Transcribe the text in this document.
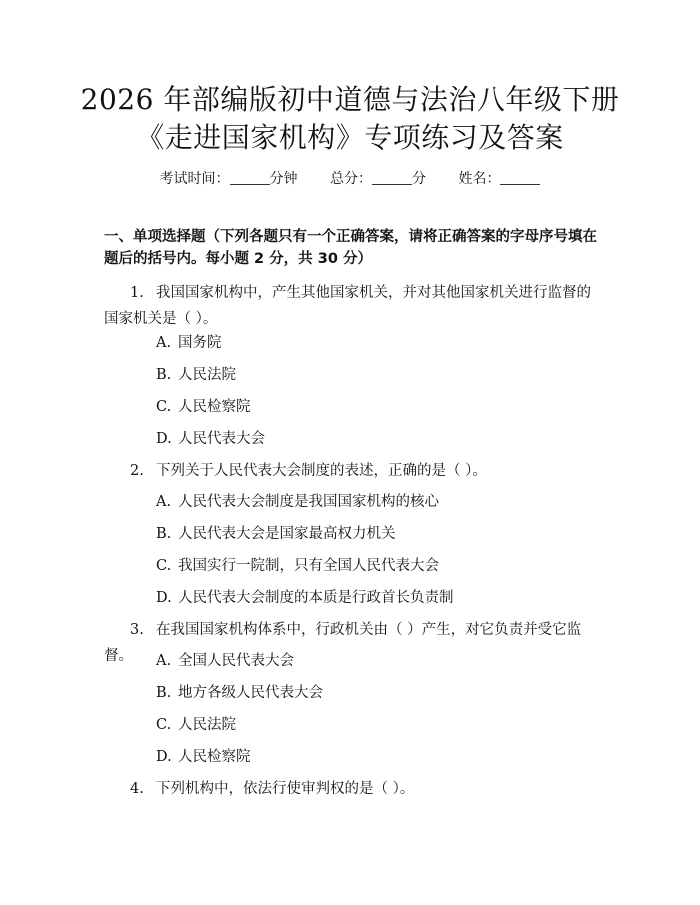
2026 年部编版初中道德与法治八年级下册
《走进国家机构》专项练习及答案
考试时间：	分钟 总分：	分 姓名：
一、单项选择题（下列各题只有一个正确答案，请将正确答案的字母序号填在题后的括号内。每小题 2 分，共 30 分）
1. 我国国家机构中，产生其他国家机关，并对其他国家机关进行监督的国家机关是（ ）。
A. 国务院
B. 人民法院
C. 人民检察院
D. 人民代表大会
2. 下列关于人民代表大会制度的表述，正确的是（ ）。
A. 人民代表大会制度是我国国家机构的核心
B. 人民代表大会是国家最高权力机关
C. 我国实行一院制，只有全国人民代表大会
D. 人民代表大会制度的本质是行政首长负责制
3. 在我国国家机构体系中，行政机关由（ ）产生，对它负责并受它监督。	A. 全国人民代表大会
B. 地方各级人民代表大会
C. 人民法院
D. 人民检察院
4. 下列机构中，依法行使审判权的是（ ）。
